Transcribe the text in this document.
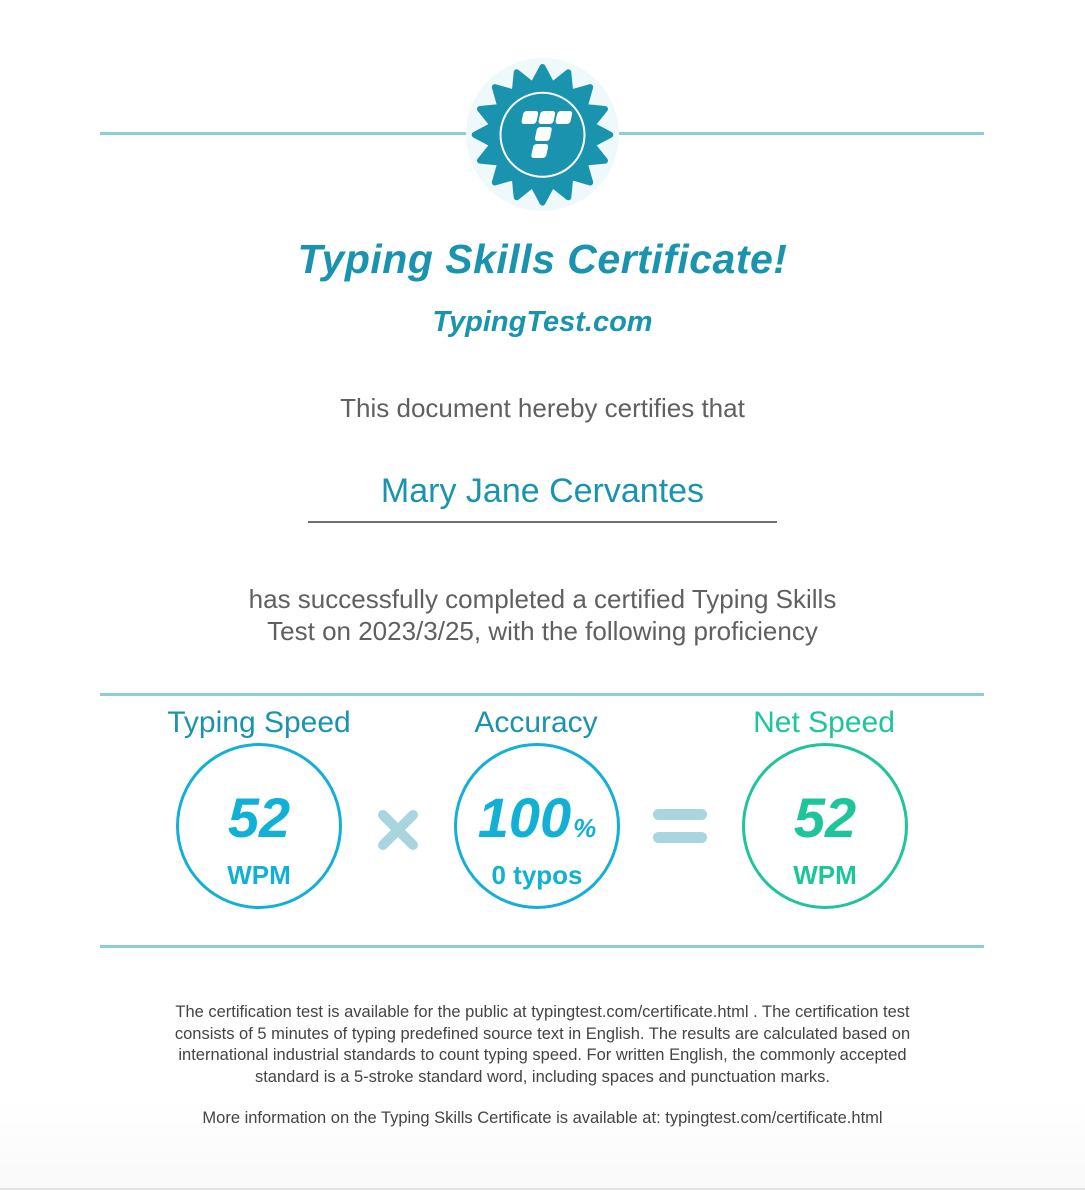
Typing Skills Certificate!
TypingTest.com
This document hereby certifies that
Mary Jane Cervantes
has successfully completed a certified Typing Skills
Test on 2023/3/25, with the following proficiency
Typing Speed
52
WPM
Accuracy
100%
0 typos
Net Speed
52
WPM
The certification test is available for the public at typingtest.com/certificate.html . The certification test
consists of 5 minutes of typing predefined source text in English. The results are calculated based on
international industrial standards to count typing speed. For written English, the commonly accepted
standard is a 5-stroke standard word, including spaces and punctuation marks.
More information on the Typing Skills Certificate is available at: typingtest.com/certificate.html
